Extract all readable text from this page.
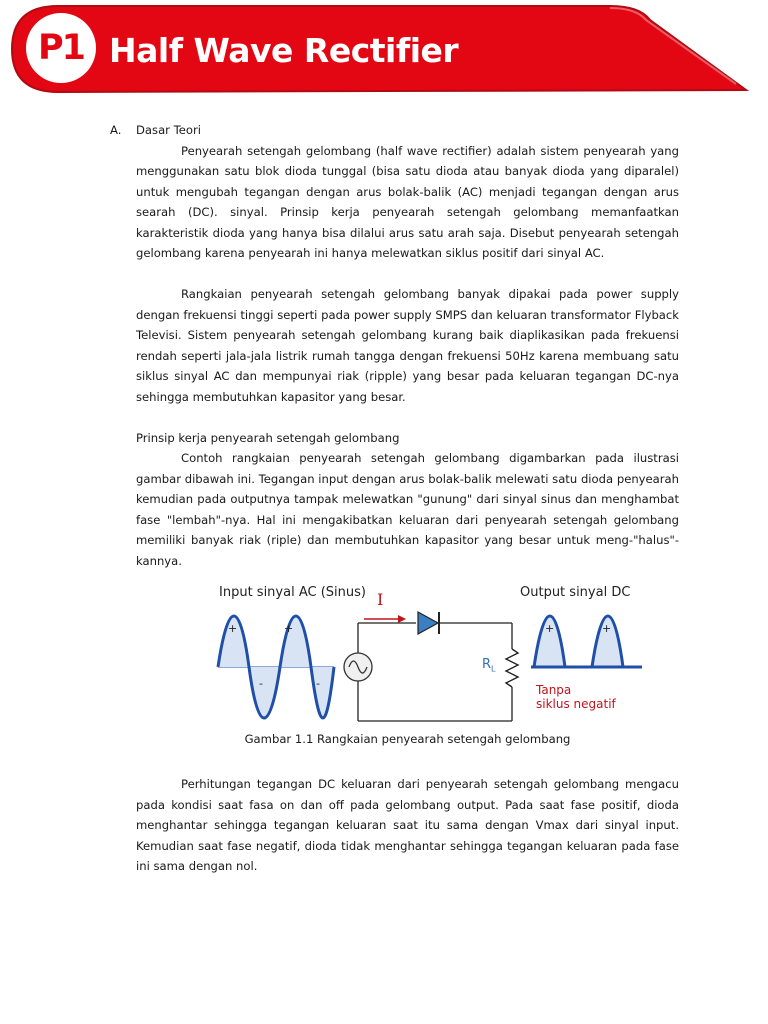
P1 Half Wave Rectifier
A. Dasar Teori

Penyearah setengah gelombang (half wave rectifier) adalah sistem penyearah yang menggunakan satu blok dioda tunggal (bisa satu dioda atau banyak dioda yang diparalel) untuk mengubah tegangan dengan arus bolak-balik (AC) menjadi tegangan dengan arus searah (DC). sinyal. Prinsip kerja penyearah setengah gelombang memanfaatkan karakteristik dioda yang hanya bisa dilalui arus satu arah saja. Disebut penyearah setengah gelombang karena penyearah ini hanya melewatkan siklus positif dari sinyal AC.

Rangkaian penyearah setengah gelombang banyak dipakai pada power supply dengan frekuensi tinggi seperti pada power supply SMPS dan keluaran transformator Flyback Televisi. Sistem penyearah setengah gelombang kurang baik diaplikasikan pada frekuensi rendah seperti jala-jala listrik rumah tangga dengan frekuensi 50Hz karena membuang satu siklus sinyal AC dan mempunyai riak (ripple) yang besar pada keluaran tegangan DC-nya sehingga membutuhkan kapasitor yang besar.

Prinsip kerja penyearah setengah gelombang

Contoh rangkaian penyearah setengah gelombang digambarkan pada ilustrasi gambar dibawah ini. Tegangan input dengan arus bolak-balik melewati satu dioda penyearah kemudian pada outputnya tampak melewatkan "gunung" dari sinyal sinus dan menghambat fase "lembah"-nya. Hal ini mengakibatkan keluaran dari penyearah setengah gelombang memiliki banyak riak (riple) dan membutuhkan kapasitor yang besar untuk meng-"halus"-kannya.

Input sinyal AC (Sinus)	Output sinyal DC
I
+	+
-	-
+	+
$R_L$
Tanpa
siklus negatif
Gambar 1.1 Rangkaian penyearah setengah gelombang

Perhitungan tegangan DC keluaran dari penyearah setengah gelombang mengacu pada kondisi saat fasa on dan off pada gelombang output. Pada saat fase positif, dioda menghantar sehingga tegangan keluaran saat itu sama dengan Vmax dari sinyal input. Kemudian saat fase negatif, dioda tidak menghantar sehingga tegangan keluaran pada fase ini sama dengan nol.
